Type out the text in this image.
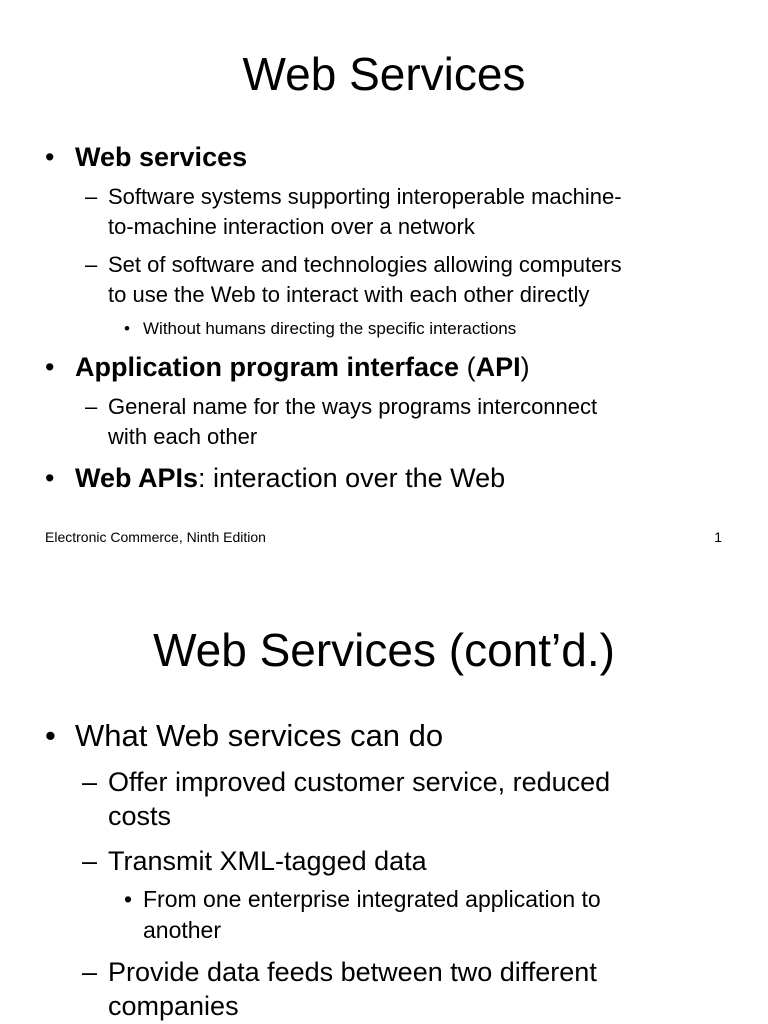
Web Services
• Web services
– Software systems supporting interoperable machine-
to-machine interaction over a network
– Set of software and technologies allowing computers
to use the Web to interact with each other directly
• Without humans directing the specific interactions
• Application program interface (API)
– General name for the ways programs interconnect
with each other
• Web APIs: interaction over the Web
Electronic Commerce, Ninth Edition	1
Web Services (cont’d.)
• What Web services can do
– Offer improved customer service, reduced
costs
– Transmit XML-tagged data
• From one enterprise integrated application to
another
– Provide data feeds between two different
companies
